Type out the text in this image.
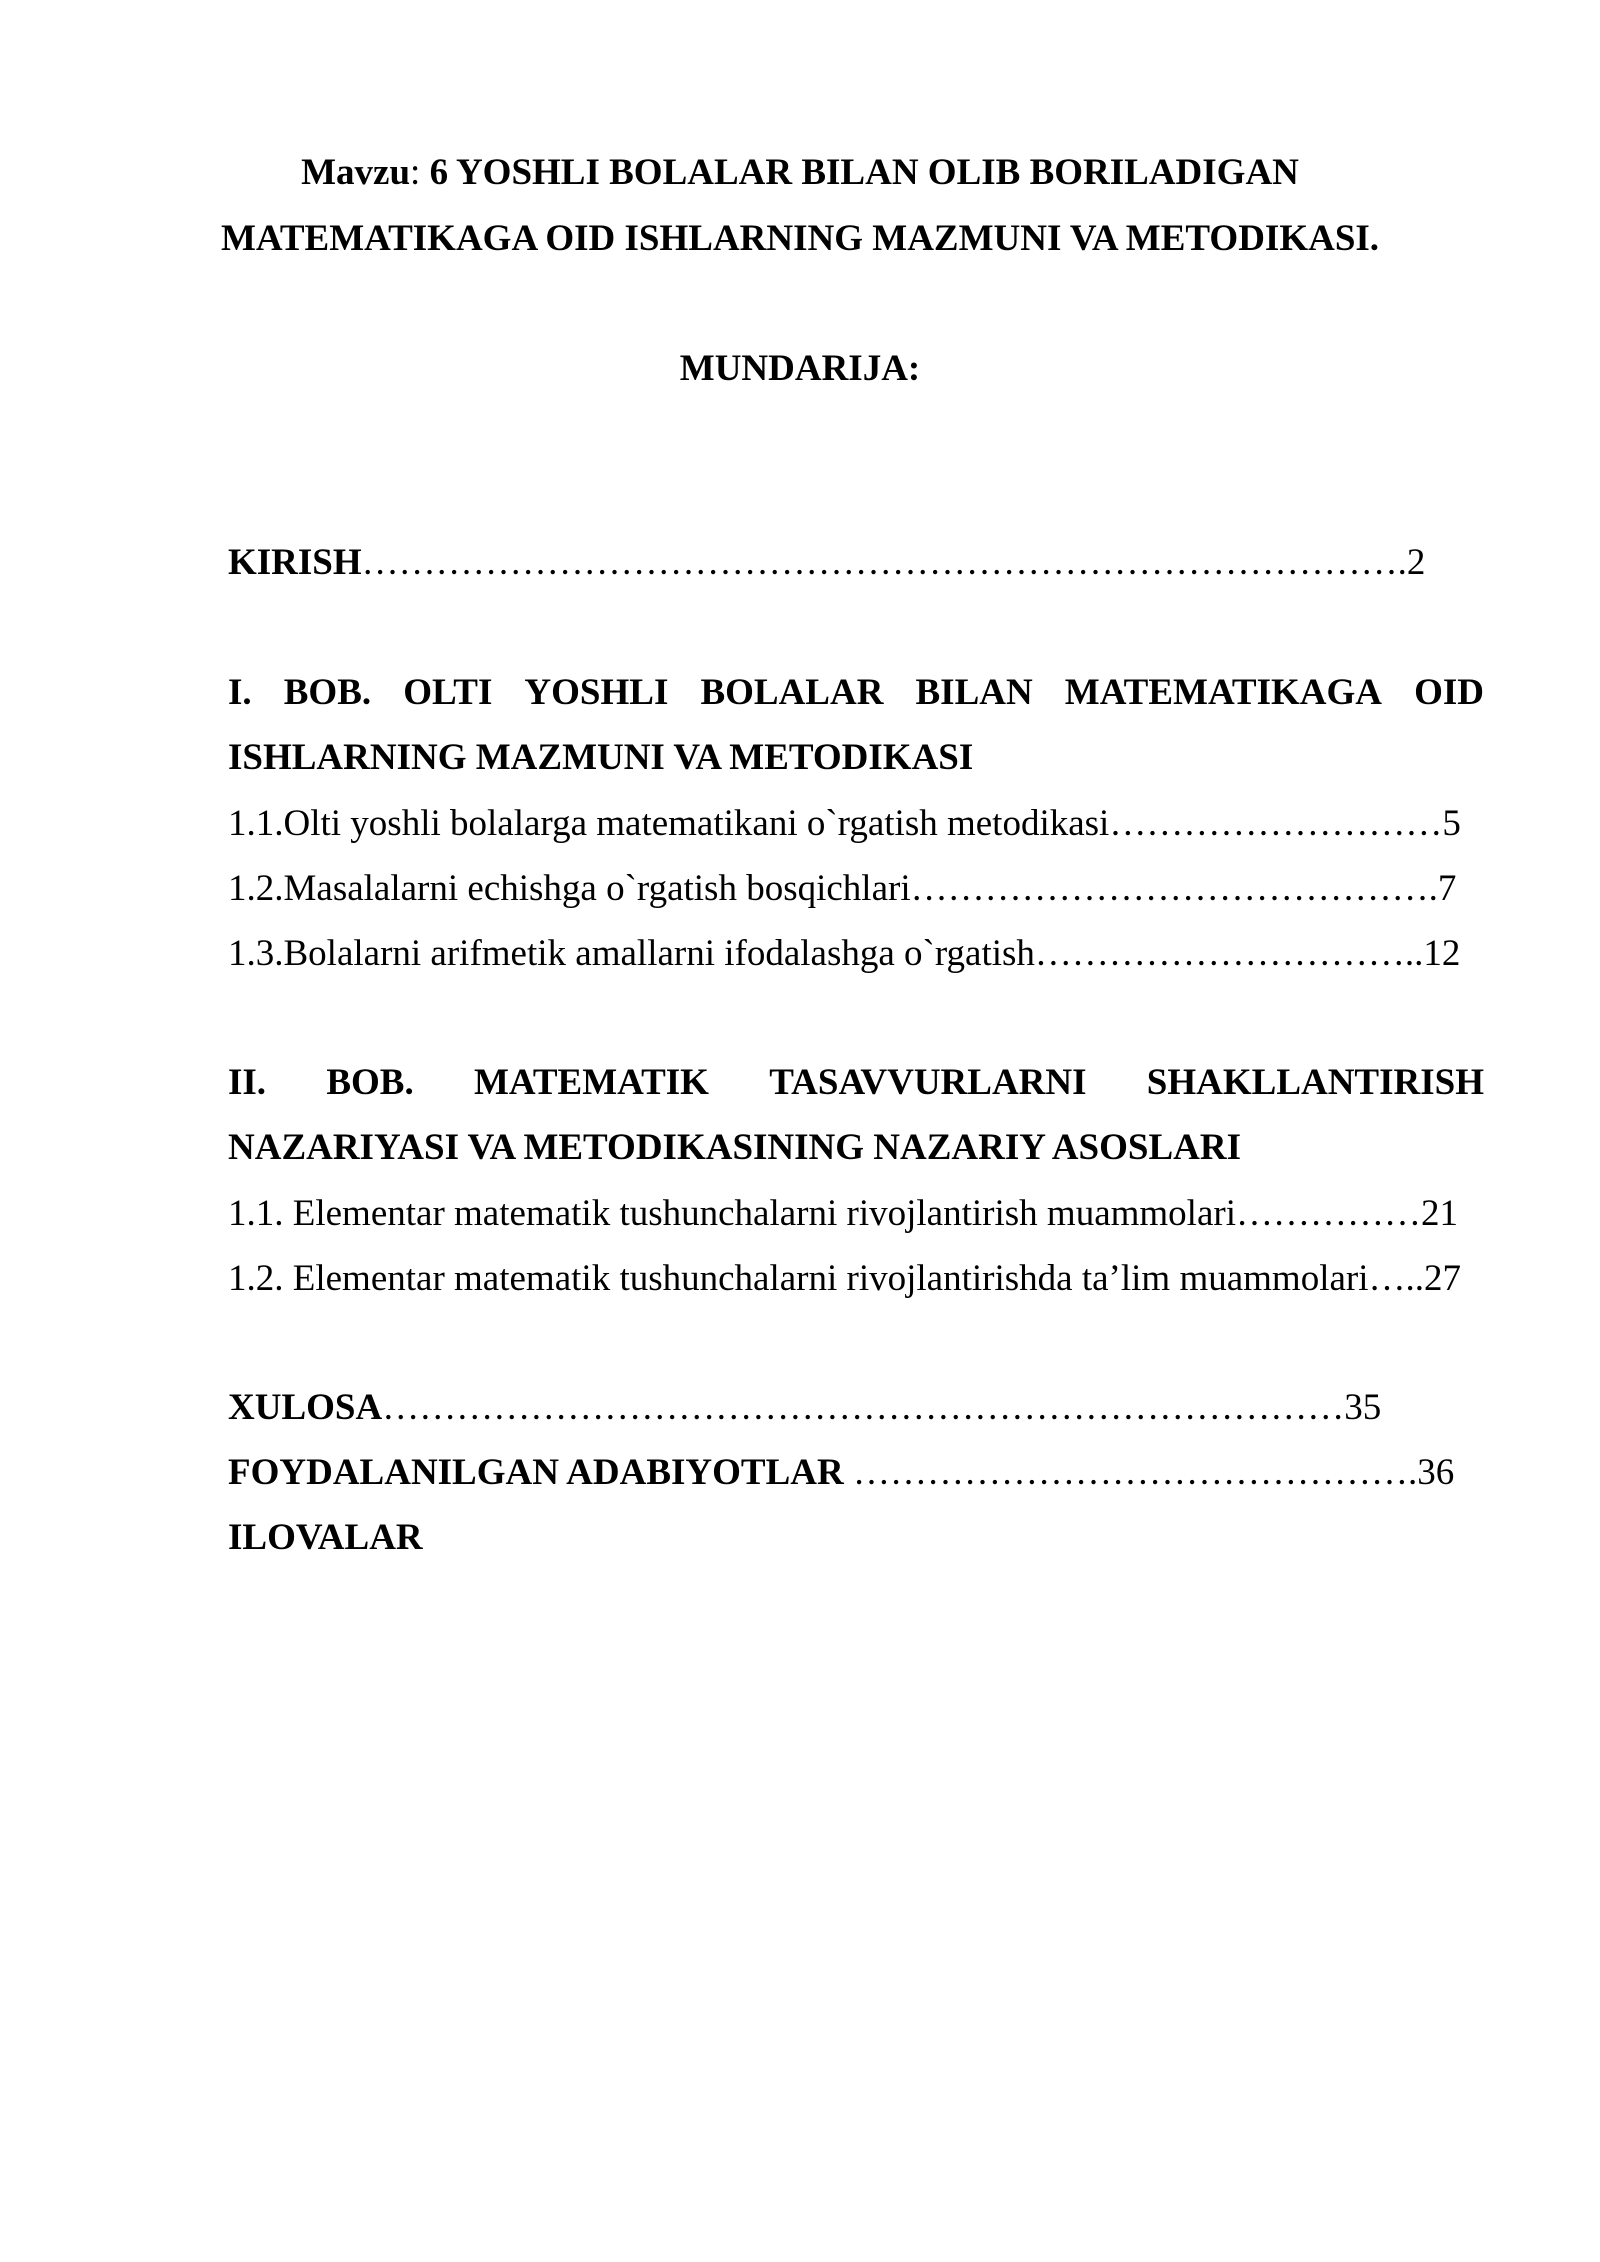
Mavzu: 6 YOSHLI BOLALAR BILAN OLIB BORILADIGAN
MATEMATIKAGA OID ISHLARNING MAZMUNI VA METODIKASI.
MUNDARIJA:
KIRISH………………………………………………………………………….2
I. BOB. OLTI YOSHLI BOLALAR BILAN MATEMATIKAGA OID
ISHLARNING MAZMUNI VA METODIKASI
1.1.Olti yoshli bolalarga matematikani o`rgatish metodikasi………………………5
1.2.Masalalarni echishga o`rgatish bosqichlari…………………………………….7
1.3.Bolalarni arifmetik amallarni ifodalashga o`rgatish…………………………..12
II. BOB. MATEMATIK TASAVVURLARNI SHAKLLANTIRISH
NAZARIYASI VA METODIKASINING NAZARIY ASOSLARI
1.1. Elementar matematik tushunchalarni rivojlantirish muammolari……………21
1.2. Elementar matematik tushunchalarni rivojlantirishda ta’lim muammolari…..27
XULOSA……………………………………………………………………35
FOYDALANILGAN ADABIYOTLAR ……………………………………….36
ILOVALAR
